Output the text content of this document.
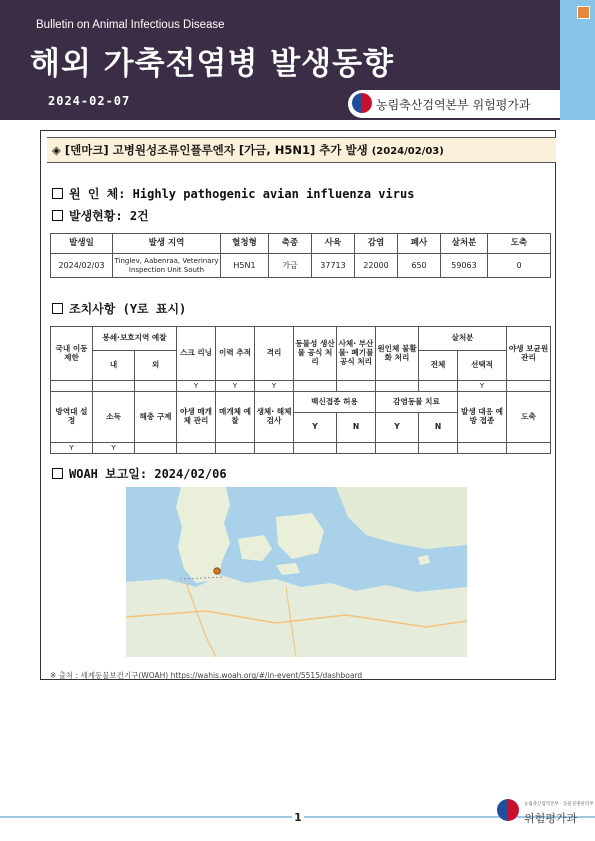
Bulletin on Animal Infectious Disease
해외 가축전염병 발생동향
2024-02-07	농림축산검역본부 위험평가과
◈ [덴마크] 고병원성조류인플루엔자 [가금, H5N1] 추가 발생 (2024/02/03)
원 인 체: Highly pathogenic avian influenza virus
발생현황: 2건
발생일	발생 지역	혈청형	축종	사육	감염	폐사	살처분	도축
2024/02/03	Tinglev, Aabenraa, Veterinary Inspection Unit South	H5N1	가금	37713	22000	650	59063	0
조치사항 (Y로 표시)
국내 이동 제한	봉쇄·보호지역 예찰		스크 리닝	이력 추적	격리	동물성 생산물 공식 처리	사체· 부산물· 폐기물 공식 처리	원인체 불활화 처리	살처분		야생 보균원 관리
	내	외							전체	선택적	
			Y	Y	Y					Y	
방역대 설정	소독	해충 구제	야생 매개체 관리	매개체 예찰	생체· 해체 검사	백신접종 허용		감염동물 치료		발생 대응 예방 접종	도축
						Y	N	Y	N		
Y	Y										
WOAH 보고일: 2024/02/06
※ 출처 : 세계동물보건기구(WOAH) https://wahis.woah.org/#/in-event/5515/dashboard
1
농림축산검역본부 · 동물질병관리부
위험평가과
